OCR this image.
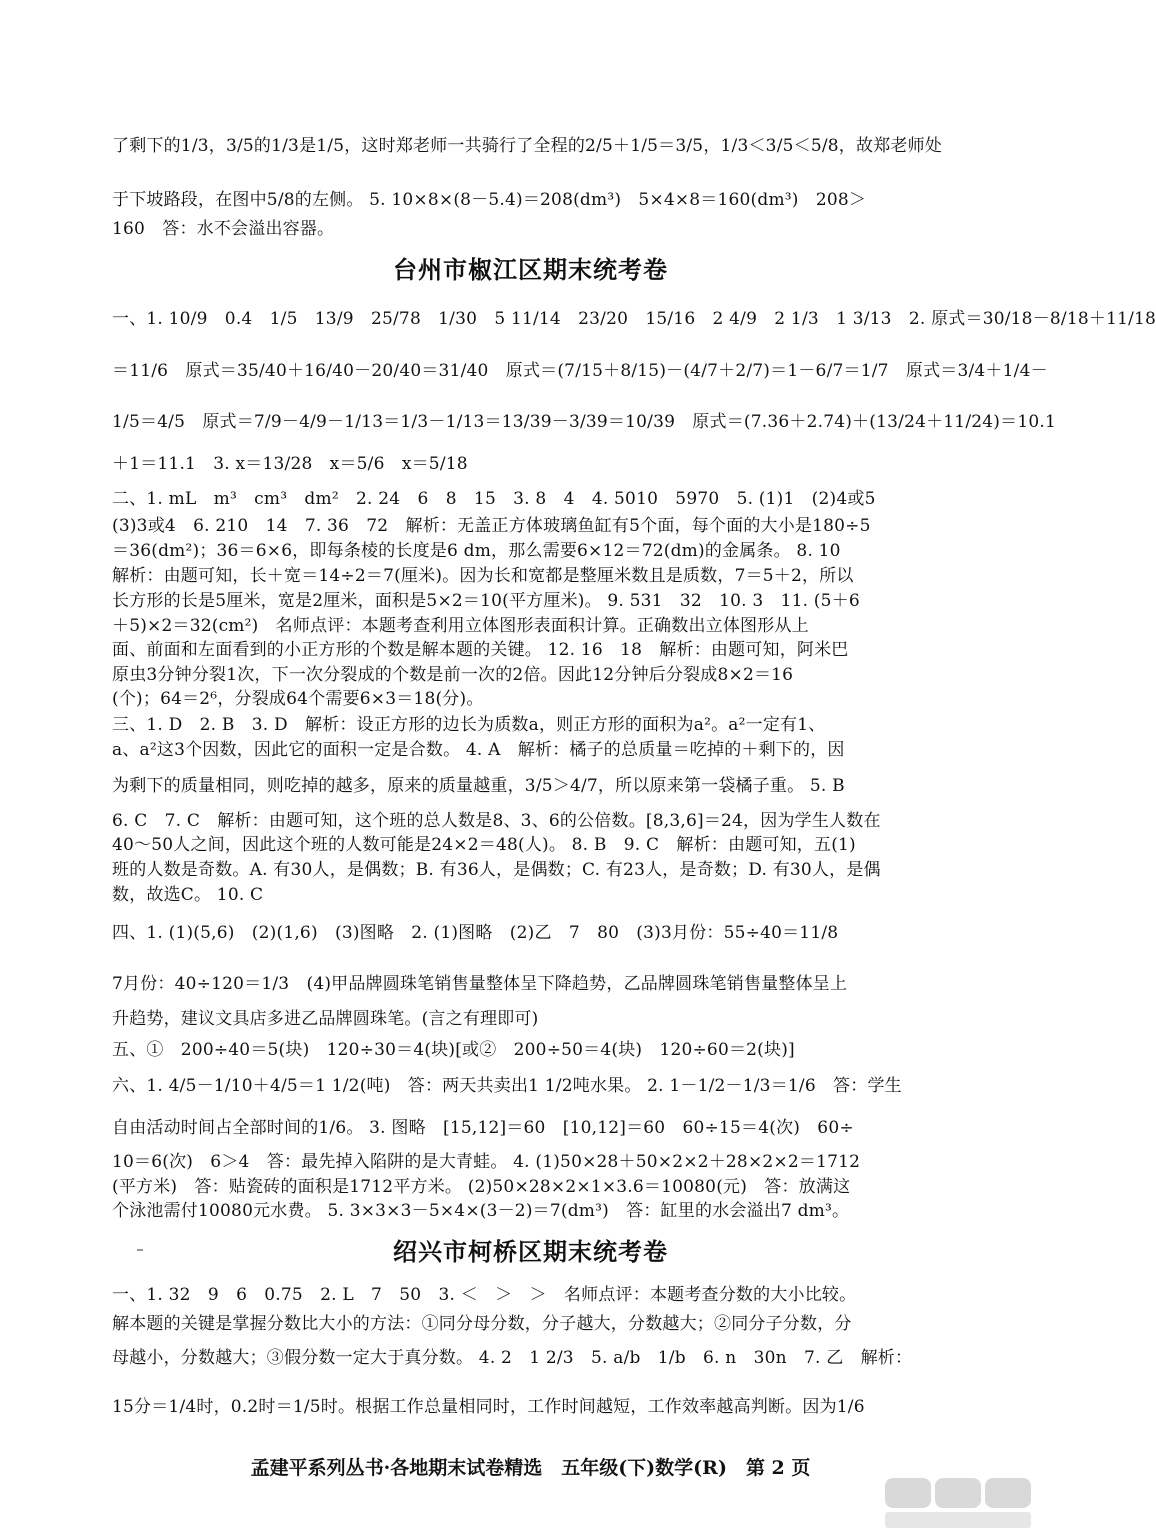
了剩下的1/3，3/5的1/3是1/5，这时郑老师一共骑行了全程的2/5＋1/5＝3/5，1/3＜3/5＜5/8，故郑老师处
于下坡路段，在图中5/8的左侧。 5. 10×8×(8－5.4)＝208(dm³)　5×4×8＝160(dm³)　208＞
160　答：水不会溢出容器。
台州市椒江区期末统考卷
一、1. 10/9　0.4　1/5　13/9　25/78　1/30　5 11/14　23/20　15/16　2 4/9　2 1/3　1 3/13　2. 原式＝30/18－8/18＋11/18
＝11/6　原式＝35/40＋16/40－20/40＝31/40　原式＝(7/15＋8/15)－(4/7＋2/7)＝1－6/7＝1/7　原式＝3/4＋1/4－
1/5＝4/5　原式＝7/9－4/9－1/13＝1/3－1/13＝13/39－3/39＝10/39　原式＝(7.36＋2.74)＋(13/24＋11/24)＝10.1
＋1＝11.1　3. x＝13/28　x＝5/6　x＝5/18
二、1. mL　m³　cm³　dm²　2. 24　6　8　15　3. 8　4　4. 5010　5970　5. (1)1　(2)4或5
(3)3或4　6. 210　14　7. 36　72　解析：无盖正方体玻璃鱼缸有5个面，每个面的大小是180÷5
＝36(dm²)；36＝6×6，即每条棱的长度是6 dm，那么需要6×12＝72(dm)的金属条。 8. 10
解析：由题可知，长＋宽＝14÷2＝7(厘米)。因为长和宽都是整厘米数且是质数，7＝5＋2，所以
长方形的长是5厘米，宽是2厘米，面积是5×2＝10(平方厘米)。 9. 531　32　10. 3　11. (5＋6
＋5)×2＝32(cm²)　名师点评：本题考查利用立体图形表面积计算。正确数出立体图形从上
面、前面和左面看到的小正方形的个数是解本题的关键。 12. 16　18　解析：由题可知，阿米巴
原虫3分钟分裂1次，下一次分裂成的个数是前一次的2倍。因此12分钟后分裂成8×2＝16
(个)；64＝2⁶，分裂成64个需要6×3＝18(分)。
三、1. D　2. B　3. D　解析：设正方形的边长为质数a，则正方形的面积为a²。a²一定有1、
a、a²这3个因数，因此它的面积一定是合数。 4. A　解析：橘子的总质量＝吃掉的＋剩下的，因
为剩下的质量相同，则吃掉的越多，原来的质量越重，3/5＞4/7，所以原来第一袋橘子重。 5. B
6. C　7. C　解析：由题可知，这个班的总人数是8、3、6的公倍数。[8,3,6]＝24，因为学生人数在
40～50人之间，因此这个班的人数可能是24×2＝48(人)。 8. B　9. C　解析：由题可知，五(1)
班的人数是奇数。A. 有30人，是偶数；B. 有36人，是偶数；C. 有23人，是奇数；D. 有30人，是偶
数，故选C。 10. C
四、1. (1)(5,6)　(2)(1,6)　(3)图略　2. (1)图略　(2)乙　7　80　(3)3月份：55÷40＝11/8
7月份：40÷120＝1/3　(4)甲品牌圆珠笔销售量整体呈下降趋势，乙品牌圆珠笔销售量整体呈上
升趋势，建议文具店多进乙品牌圆珠笔。(言之有理即可)
五、①　200÷40＝5(块)　120÷30＝4(块)[或②　200÷50＝4(块)　120÷60＝2(块)]
六、1. 4/5－1/10＋4/5＝1 1/2(吨)　答：两天共卖出1 1/2吨水果。 2. 1－1/2－1/3＝1/6　答：学生
自由活动时间占全部时间的1/6。 3. 图略　[15,12]＝60　[10,12]＝60　60÷15＝4(次)　60÷
10＝6(次)　6＞4　答：最先掉入陷阱的是大青蛙。 4. (1)50×28＋50×2×2＋28×2×2＝1712
(平方米)　答：贴瓷砖的面积是1712平方米。 (2)50×28×2×1×3.6＝10080(元)　答：放满这
个泳池需付10080元水费。 5. 3×3×3－5×4×(3－2)＝7(dm³)　答：缸里的水会溢出7 dm³。
绍兴市柯桥区期末统考卷
一、1. 32　9　6　0.75　2. L　7　50　3. ＜　＞　＞　名师点评：本题考查分数的大小比较。
解本题的关键是掌握分数比大小的方法：①同分母分数，分子越大，分数越大；②同分子分数，分
母越小，分数越大；③假分数一定大于真分数。 4. 2　1 2/3　5. a/b　1/b　6. n　30n　7. 乙　解析：
15分＝1/4时，0.2时＝1/5时。根据工作总量相同时，工作时间越短，工作效率越高判断。因为1/6
孟建平系列丛书·各地期末试卷精选　五年级(下)数学(R)　第 2 页
